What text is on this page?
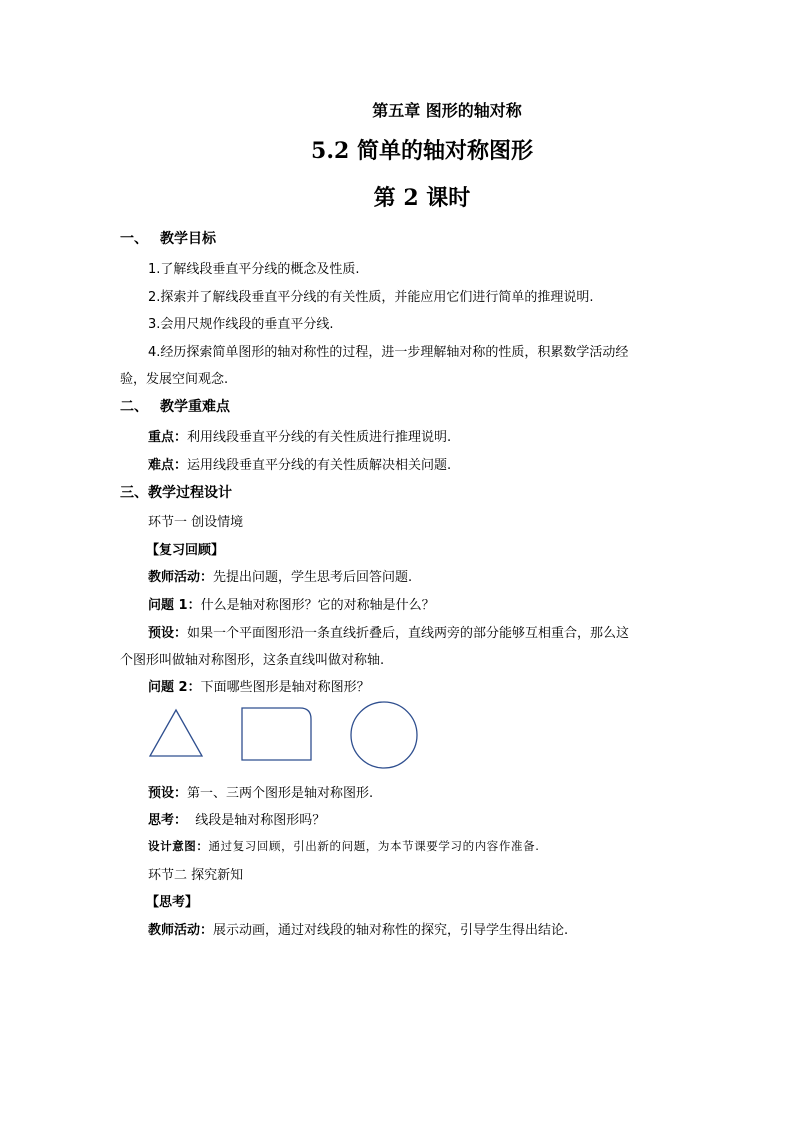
第五章 图形的轴对称
5.2 简单的轴对称图形
第 2 课时
一、 教学目标
1.了解线段垂直平分线的概念及性质.
2.探索并了解线段垂直平分线的有关性质，并能应用它们进行简单的推理说明.
3.会用尺规作线段的垂直平分线.
4.经历探索简单图形的轴对称性的过程，进一步理解轴对称的性质，积累数学活动经
验，发展空间观念.
二、 教学重难点
重点：利用线段垂直平分线的有关性质进行推理说明.
难点：运用线段垂直平分线的有关性质解决相关问题.
三、教学过程设计
环节一 创设情境
【复习回顾】
教师活动：先提出问题，学生思考后回答问题.
问题 1：什么是轴对称图形？它的对称轴是什么？
预设：如果一个平面图形沿一条直线折叠后，直线两旁的部分能够互相重合，那么这
个图形叫做轴对称图形，这条直线叫做对称轴.
问题 2：下面哪些图形是轴对称图形？
预设：第一、三两个图形是轴对称图形.
思考：  线段是轴对称图形吗？
设计意图：通过复习回顾，引出新的问题，为本节课要学习的内容作准备.
环节二 探究新知
【思考】
教师活动：展示动画，通过对线段的轴对称性的探究，引导学生得出结论.
